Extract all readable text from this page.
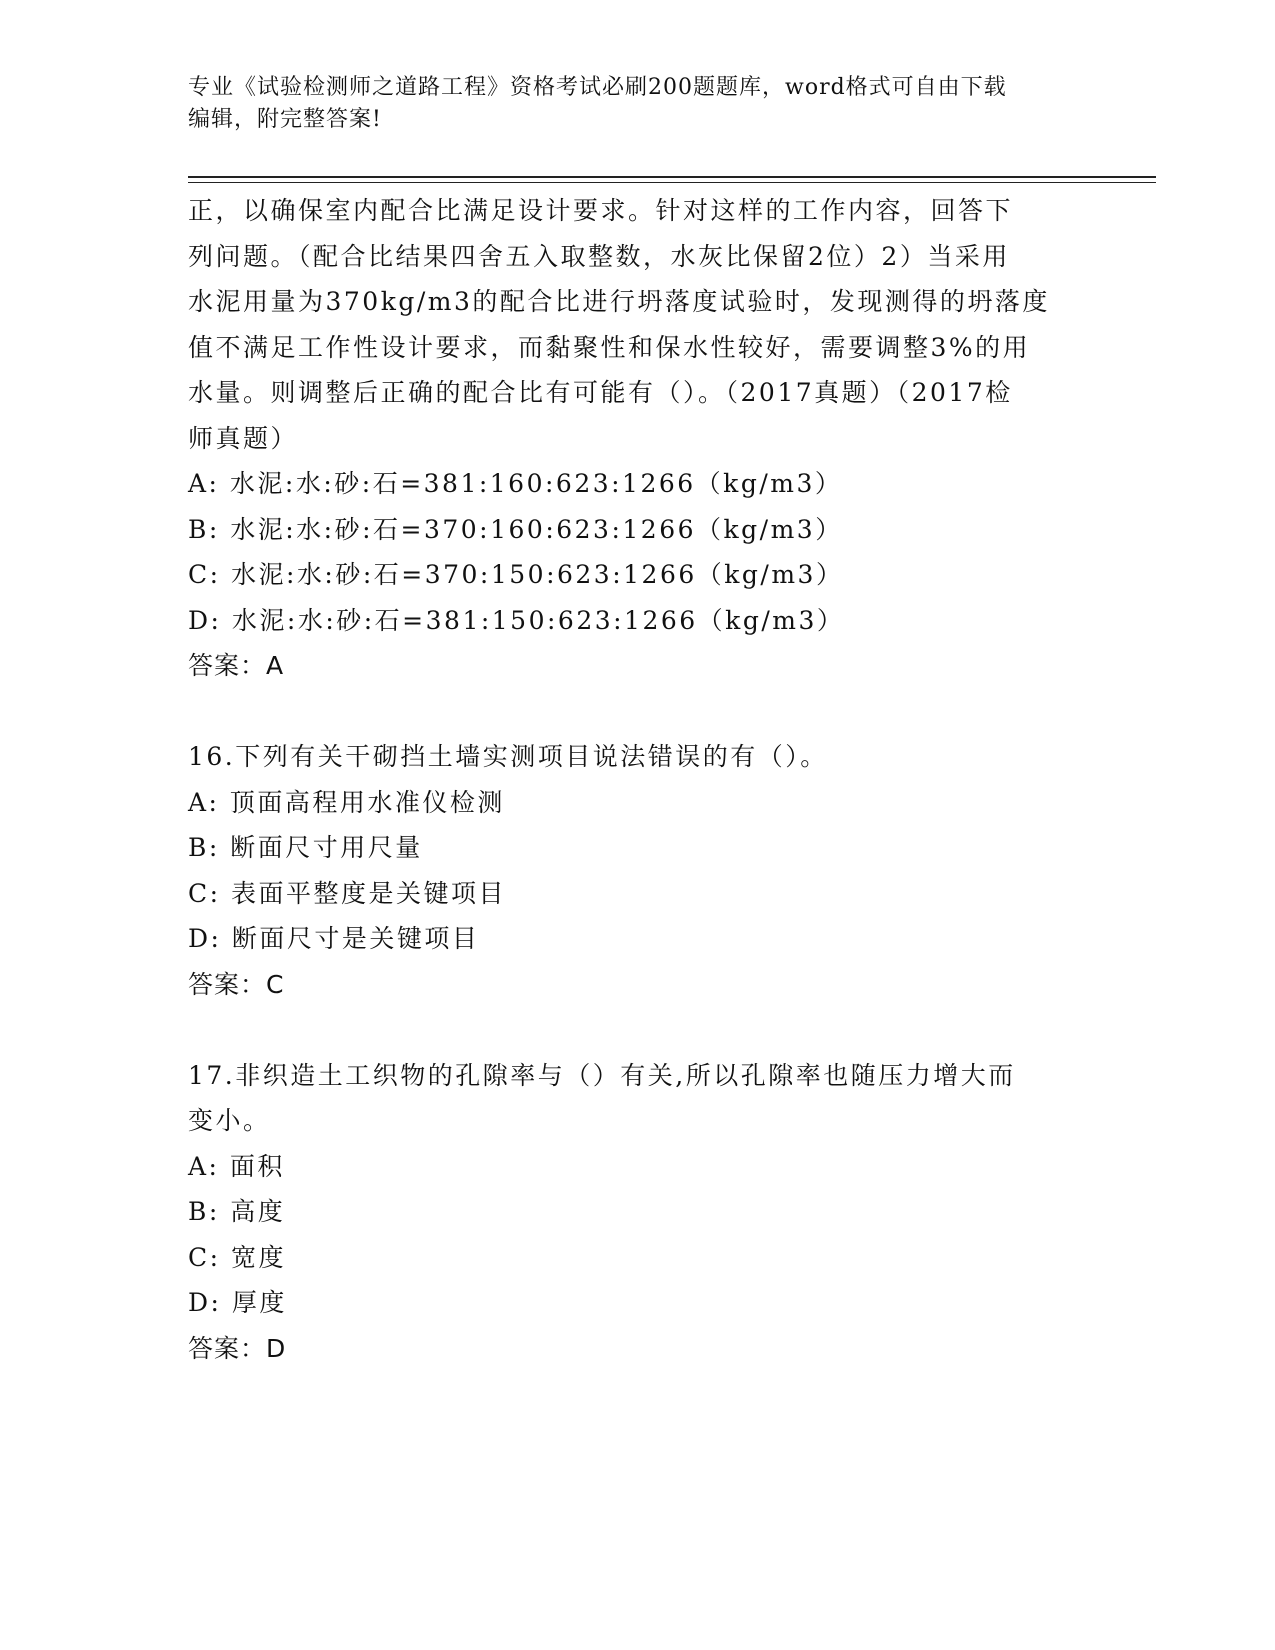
专业《试验检测师之道路工程》资格考试必刷200题题库，word格式可自由下载
编辑，附完整答案!
正，以确保室内配合比满足设计要求。针对这样的工作内容，回答下
列问题。（配合比结果四舍五入取整数，水灰比保留2位）2）当采用
水泥用量为370kg/m3的配合比进行坍落度试验时，发现测得的坍落度
值不满足工作性设计要求，而黏聚性和保水性较好，需要调整3%的用
水量。则调整后正确的配合比有可能有（）。（2017真题）（2017检
师真题）
A: 水泥:水:砂:石=381:160:623:1266（kg/m3）
B: 水泥:水:砂:石=370:160:623:1266（kg/m3）
C: 水泥:水:砂:石=370:150:623:1266（kg/m3）
D: 水泥:水:砂:石=381:150:623:1266（kg/m3）
答案：A
16.下列有关干砌挡土墙实测项目说法错误的有（）。
A: 顶面高程用水准仪检测
B: 断面尺寸用尺量
C: 表面平整度是关键项目
D: 断面尺寸是关键项目
答案：C
17.非织造土工织物的孔隙率与（）有关,所以孔隙率也随压力增大而
变小。
A: 面积
B: 高度
C: 宽度
D: 厚度
答案：D
